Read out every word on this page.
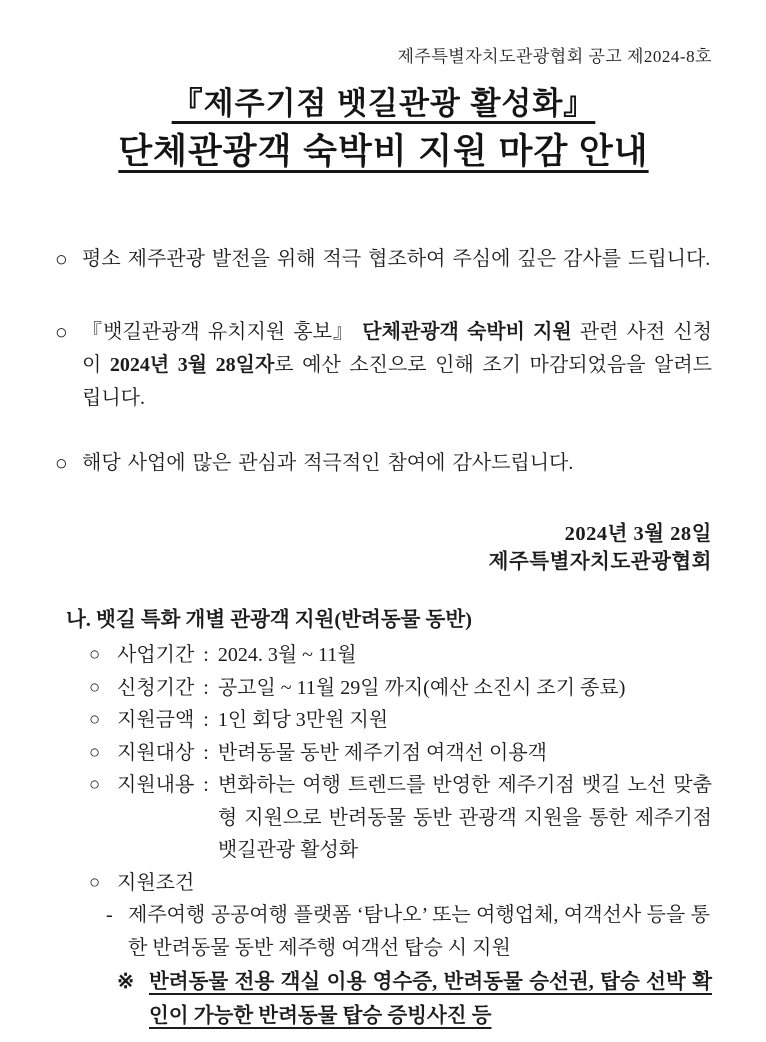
제주특별자치도관광협회 공고 제2024-8호
『제주기점 뱃길관광 활성화』
단체관광객 숙박비 지원 마감 안내
○ 평소 제주관광 발전을 위해 적극 협조하여 주심에 깊은 감사를 드립니다.
○ 『뱃길관광객 유치지원 홍보』 단체관광객 숙박비 지원 관련 사전 신청이 2024년 3월 28일자로 예산 소진으로 인해 조기 마감되었음을 알려드립니다.
○ 해당 사업에 많은 관심과 적극적인 참여에 감사드립니다.
2024년 3월 28일
제주특별자치도관광협회
나. 뱃길 특화 개별 관광객 지원(반려동물 동반)
○ 사업기간 : 2024. 3월 ~ 11월
○ 신청기간 : 공고일 ~ 11월 29일 까지(예산 소진시 조기 종료)
○ 지원금액 : 1인 회당 3만원 지원
○ 지원대상 : 반려동물 동반 제주기점 여객선 이용객
○ 지원내용 : 변화하는 여행 트렌드를 반영한 제주기점 뱃길 노선 맞춤형 지원으로 반려동물 동반 관광객 지원을 통한 제주기점 뱃길관광 활성화
○ 지원조건
- 제주여행 공공여행 플랫폼 ‘탐나오’ 또는 여행업체, 여객선사 등을 통한 반려동물 동반 제주행 여객선 탑승 시 지원
※ 반려동물 전용 객실 이용 영수증, 반려동물 승선권, 탑승 선박 확인이 가능한 반려동물 탑승 증빙사진 등
